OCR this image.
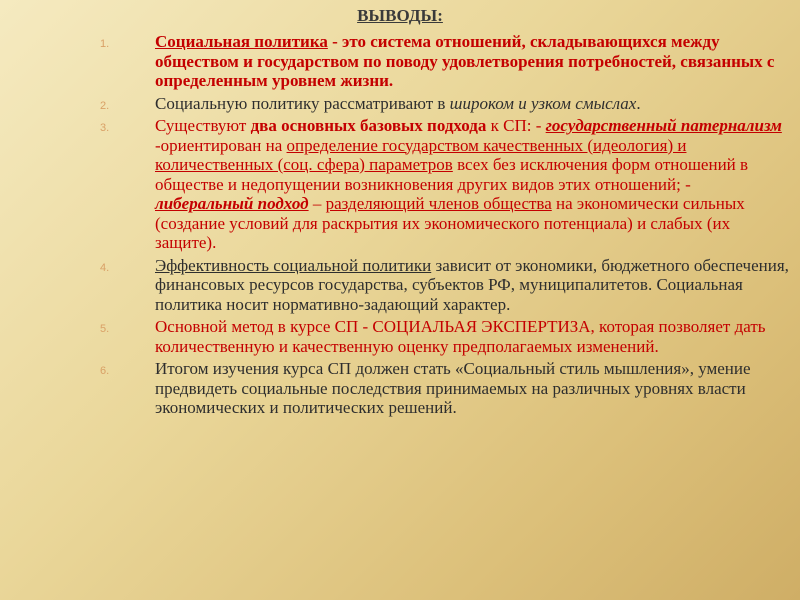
ВЫВОДЫ:
1.	Социальная политика - это система отношений, складывающихся между обществом и государством по поводу удовлетворения потребностей, связанных с определенным уровнем жизни.
2.	Социальную политику рассматривают в широком и узком смыслах.
3.	Существуют два основных базовых подхода к СП: - государственный патернализм -ориентирован на определение государством качественных (идеология) и количественных (соц. сфера) параметров всех без исключения форм отношений в обществе и недопущении возникновения других видов этих отношений; - либеральный подход – разделяющий членов общества на экономически сильных (создание условий для раскрытия их экономического потенциала) и слабых (их защите).
4.	Эффективность социальной политики зависит от экономики, бюджетного обеспечения, финансовых ресурсов государства, субъектов РФ, муниципалитетов. Социальная политика носит нормативно-задающий характер.
5.	Основной метод в курсе СП - СОЦИАЛЬАЯ ЭКСПЕРТИЗА, которая позволяет дать количественную и качественную оценку предполагаемых изменений.
6.	Итогом изучения курса СП должен стать «Социальный стиль мышления», умение предвидеть социальные последствия принимаемых на различных уровнях власти экономических и политических решений.
